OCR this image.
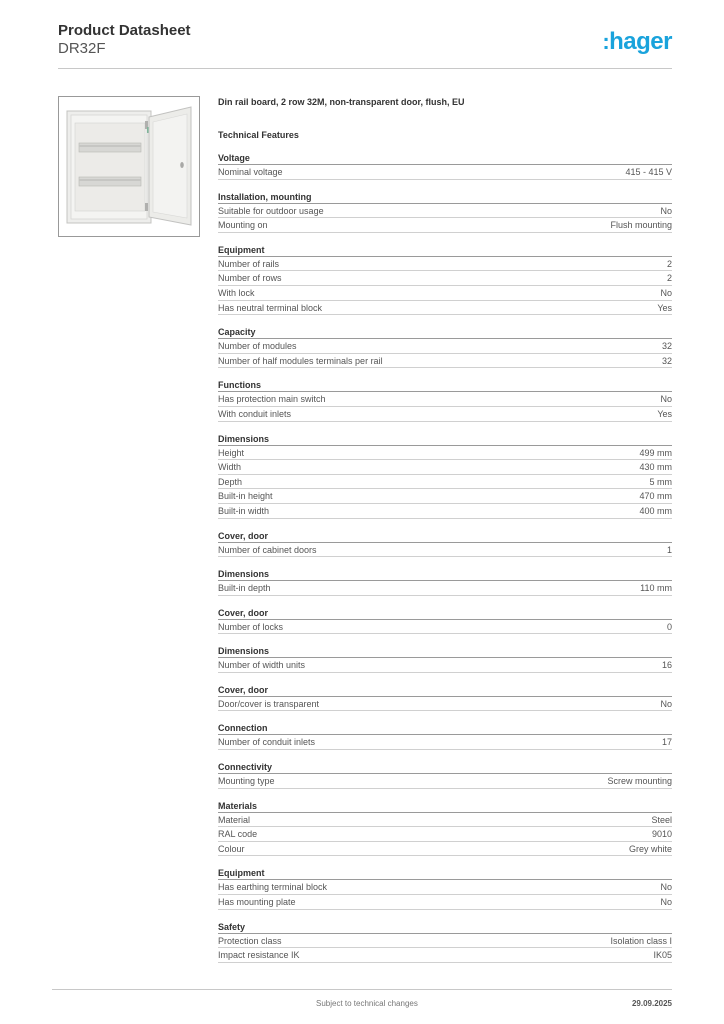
Product Datasheet
DR32F	:hager
Din rail board, 2 row 32M, non-transparent door, flush, EU
Technical Features
Voltage
Nominal voltage	415 - 415 V
Installation, mounting
Suitable for outdoor usage	No
Mounting on	Flush mounting
Equipment
Number of rails	2
Number of rows	2
With lock	No
Has neutral terminal block	Yes
Capacity
Number of modules	32
Number of half modules terminals per rail	32
Functions
Has protection main switch	No
With conduit inlets	Yes
Dimensions
Height	499 mm
Width	430 mm
Depth	5 mm
Built-in height	470 mm
Built-in width	400 mm
Cover, door
Number of cabinet doors	1
Dimensions
Built-in depth	110 mm
Cover, door
Number of locks	0
Dimensions
Number of width units	16
Cover, door
Door/cover is transparent	No
Connection
Number of conduit inlets	17
Connectivity
Mounting type	Screw mounting
Materials
Material	Steel
RAL code	9010
Colour	Grey white
Equipment
Has earthing terminal block	No
Has mounting plate	No
Safety
Protection class	Isolation class I
Impact resistance IK	IK05
Subject to technical changes	29.09.2025
